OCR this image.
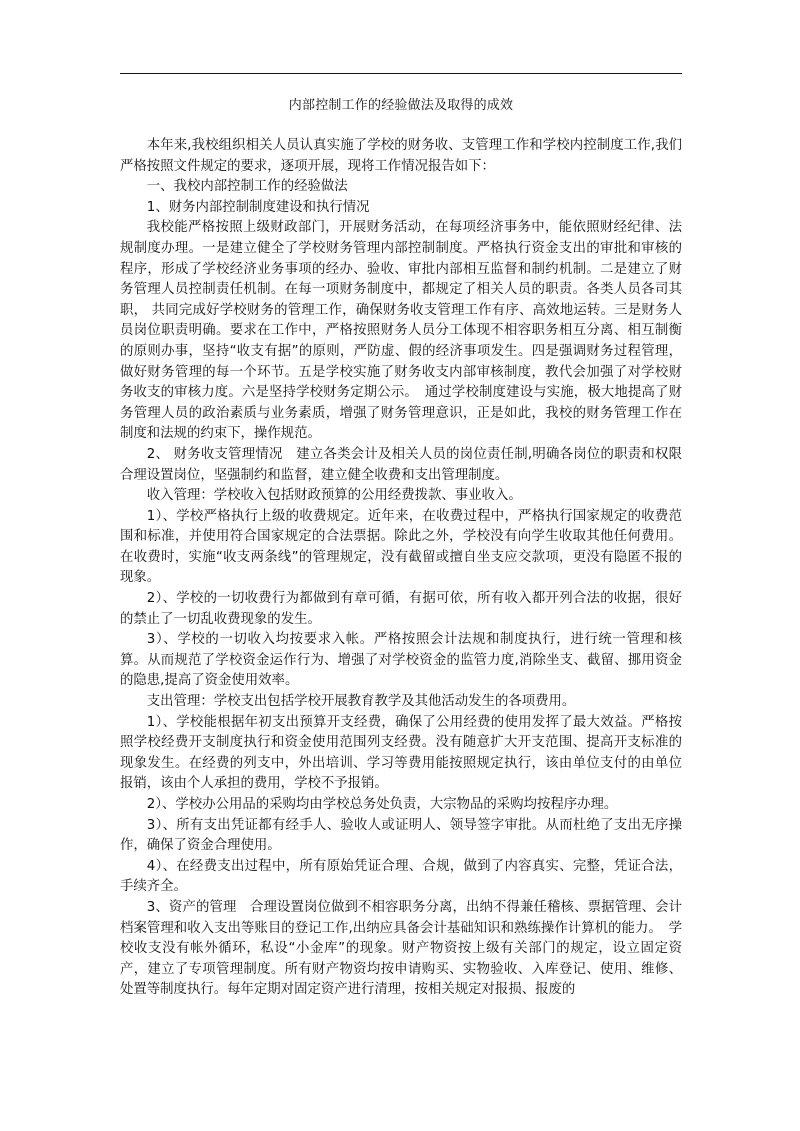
内部控制工作的经验做法及取得的成效

本年来,我校组织相关人员认真实施了学校的财务收、支管理工作和学校内控制度工作,我们严格按照文件规定的要求，逐项开展，现将工作情况报告如下：

一、我校内部控制工作的经验做法

1、财务内部控制制度建设和执行情况

我校能严格按照上级财政部门，开展财务活动，在每项经济事务中，能依照财经纪律、法规制度办理。一是建立健全了学校财务管理内部控制制度。严格执行资金支出的审批和审核的程序，形成了学校经济业务事项的经办、验收、审批内部相互监督和制约机制。二是建立了财务管理人员控制责任机制。在每一项财务制度中，都规定了相关人员的职责。各类人员各司其职， 共同完成好学校财务的管理工作，确保财务收支管理工作有序、高效地运转。三是财务人员岗位职责明确。要求在工作中，严格按照财务人员分工体现不相容职务相互分离、相互制衡的原则办事，坚持“收支有据”的原则，严防虚、假的经济事项发生。四是强调财务过程管理，做好财务管理的每一个环节。五是学校实施了财务收支内部审核制度，教代会加强了对学校财务收支的审核力度。六是坚持学校财务定期公示。　通过学校制度建设与实施，极大地提高了财务管理人员的政治素质与业务素质，增强了财务管理意识，正是如此，我校的财务管理工作在制度和法规的约束下，操作规范。

2、 财务收支管理情况　建立各类会计及相关人员的岗位责任制,明确各岗位的职责和权限合理设置岗位，坚强制约和监督，建立健全收费和支出管理制度。

收入管理：学校收入包括财政预算的公用经费拨款、事业收入。

1）、学校严格执行上级的收费规定。近年来，在收费过程中，严格执行国家规定的收费范围和标准，并使用符合国家规定的合法票据。除此之外，学校没有向学生收取其他任何费用。在收费时，实施“收支两条线”的管理规定，没有截留或擅自坐支应交款项，更没有隐匿不报的现象。

2）、学校的一切收费行为都做到有章可循，有据可依，所有收入都开列合法的收据，很好的禁止了一切乱收费现象的发生。

3）、学校的一切收入均按要求入帐。严格按照会计法规和制度执行，进行统一管理和核算。从而规范了学校资金运作行为、增强了对学校资金的监管力度,消除坐支、截留、挪用资金的隐患,提高了资金使用效率。

支出管理：学校支出包括学校开展教育教学及其他活动发生的各项费用。

1）、学校能根据年初支出预算开支经费，确保了公用经费的使用发挥了最大效益。严格按照学校经费开支制度执行和资金使用范围列支经费。没有随意扩大开支范围、提高开支标准的现象发生。在经费的列支中，外出培训、学习等费用能按照规定执行，该由单位支付的由单位报销，该由个人承担的费用，学校不予报销。

2）、学校办公用品的采购均由学校总务处负责，大宗物品的采购均按程序办理。

3）、所有支出凭证都有经手人、验收人或证明人、领导签字审批。从而杜绝了支出无序操作，确保了资金合理使用。

4）、在经费支出过程中，所有原始凭证合理、合规，做到了内容真实、完整，凭证合法，手续齐全。

3、资产的管理　合理设置岗位做到不相容职务分离，出纳不得兼任稽核、票据管理、会计档案管理和收入支出等账目的登记工作,出纳应具备会计基础知识和熟练操作计算机的能力。　学校收支没有帐外循环，私设“小金库”的现象。财产物资按上级有关部门的规定，设立固定资产，建立了专项管理制度。所有财产物资均按申请购买、实物验收、入库登记、使用、维修、处置等制度执行。每年定期对固定资产进行清理，按相关规定对报损、报废的
